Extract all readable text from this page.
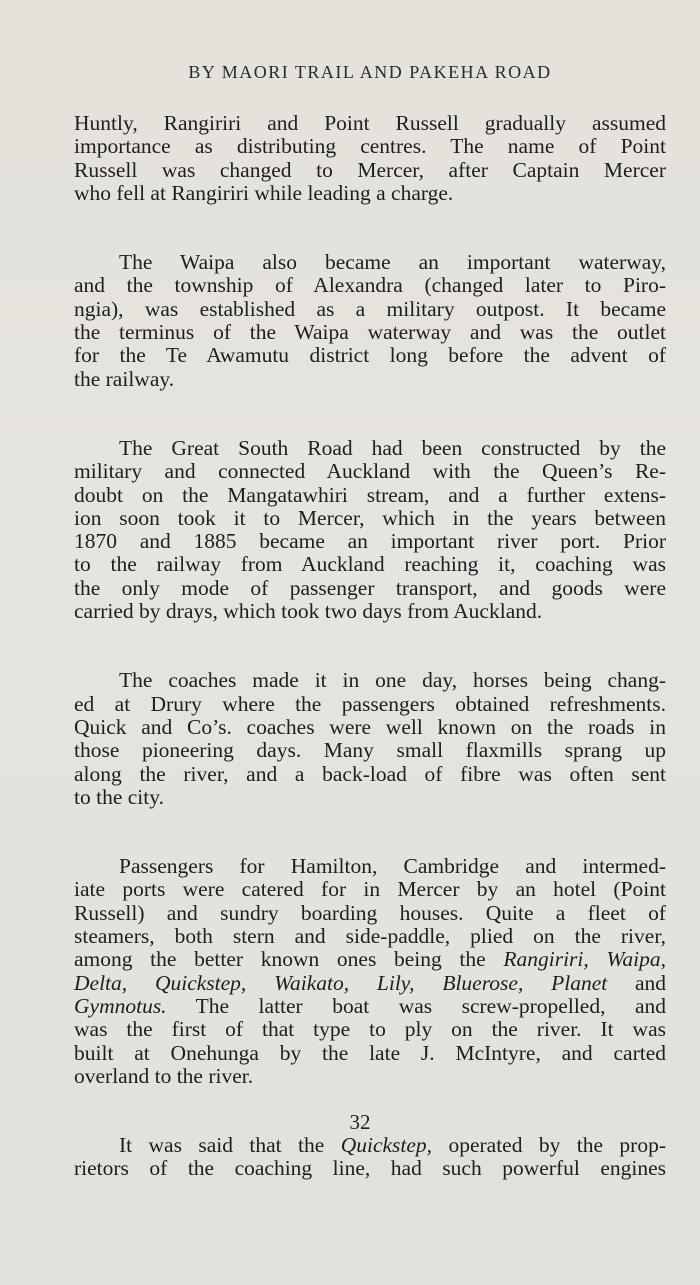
BY MAORI TRAIL AND PAKEHA ROAD

Huntly, Rangiriri and Point Russell gradually assumed
importance as distributing centres. The name of Point
Russell was changed to Mercer, after Captain Mercer
who fell at Rangiriri while leading a charge.

The Waipa also became an important waterway,
and the township of Alexandra (changed later to Piro-
ngia), was established as a military outpost. It became
the terminus of the Waipa waterway and was the outlet
for the Te Awamutu district long before the advent of
the railway.

The Great South Road had been constructed by the
military and connected Auckland with the Queen’s Re-
doubt on the Mangatawhiri stream, and a further extens-
ion soon took it to Mercer, which in the years between
1870 and 1885 became an important river port. Prior
to the railway from Auckland reaching it, coaching was
the only mode of passenger transport, and goods were
carried by drays, which took two days from Auckland.

The coaches made it in one day, horses being chang-
ed at Drury where the passengers obtained refreshments.
Quick and Co’s. coaches were well known on the roads in
those pioneering days. Many small flaxmills sprang up
along the river, and a back-load of fibre was often sent
to the city.

Passengers for Hamilton, Cambridge and intermed-
iate ports were catered for in Mercer by an hotel (Point
Russell) and sundry boarding houses. Quite a fleet of
steamers, both stern and side-paddle, plied on the river,
among the better known ones being the Rangiriri, Waipa,
Delta, Quickstep, Waikato, Lily, Bluerose, Planet and
Gymnotus. The latter boat was screw-propelled, and
was the first of that type to ply on the river. It was
built at Onehunga by the late J. McIntyre, and carted
overland to the river.

It was said that the Quickstep, operated by the prop-
rietors of the coaching line, had such powerful engines

32
